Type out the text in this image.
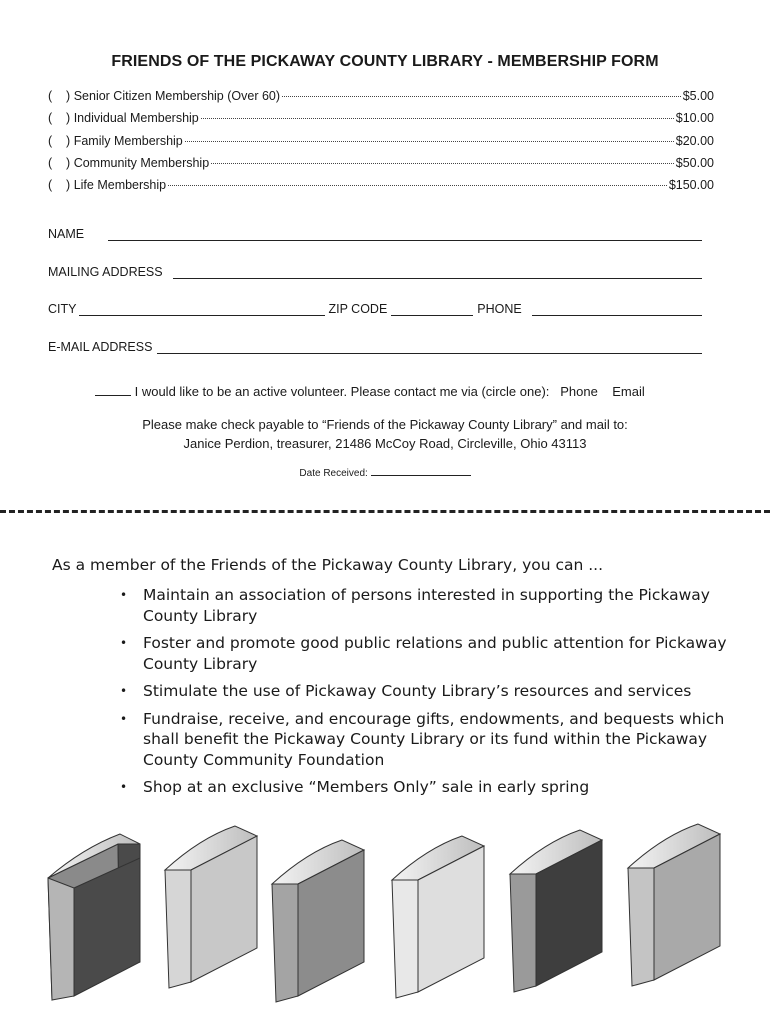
FRIENDS OF THE PICKAWAY COUNTY LIBRARY - MEMBERSHIP FORM
(    ) Senior Citizen Membership (Over 60)	$5.00
(    ) Individual Membership	$10.00
(    ) Family Membership	$20.00
(    ) Community Membership	$50.00
(    ) Life Membership	$150.00
NAME
MAILING ADDRESS
CITY	ZIP CODE	PHONE
E-MAIL ADDRESS
I would like to be an active volunteer. Please contact me via (circle one):   Phone    Email
Please make check payable to “Friends of the Pickaway County Library” and mail to:
Janice Perdion, treasurer, 21486 McCoy Road, Circleville, Ohio 43113
Date Received:
As a member of the Friends of the Pickaway County Library, you can ...
• Maintain an association of persons interested in supporting the Pickaway County Library
• Foster and promote good public relations and public attention for Pickaway County Library
• Stimulate the use of Pickaway County Library’s resources and services
• Fundraise, receive, and encourage gifts, endowments, and bequests which shall benefit the Pickaway County Library or its fund within the Pickaway County Community Foundation
• Shop at an exclusive “Members Only” sale in early spring
